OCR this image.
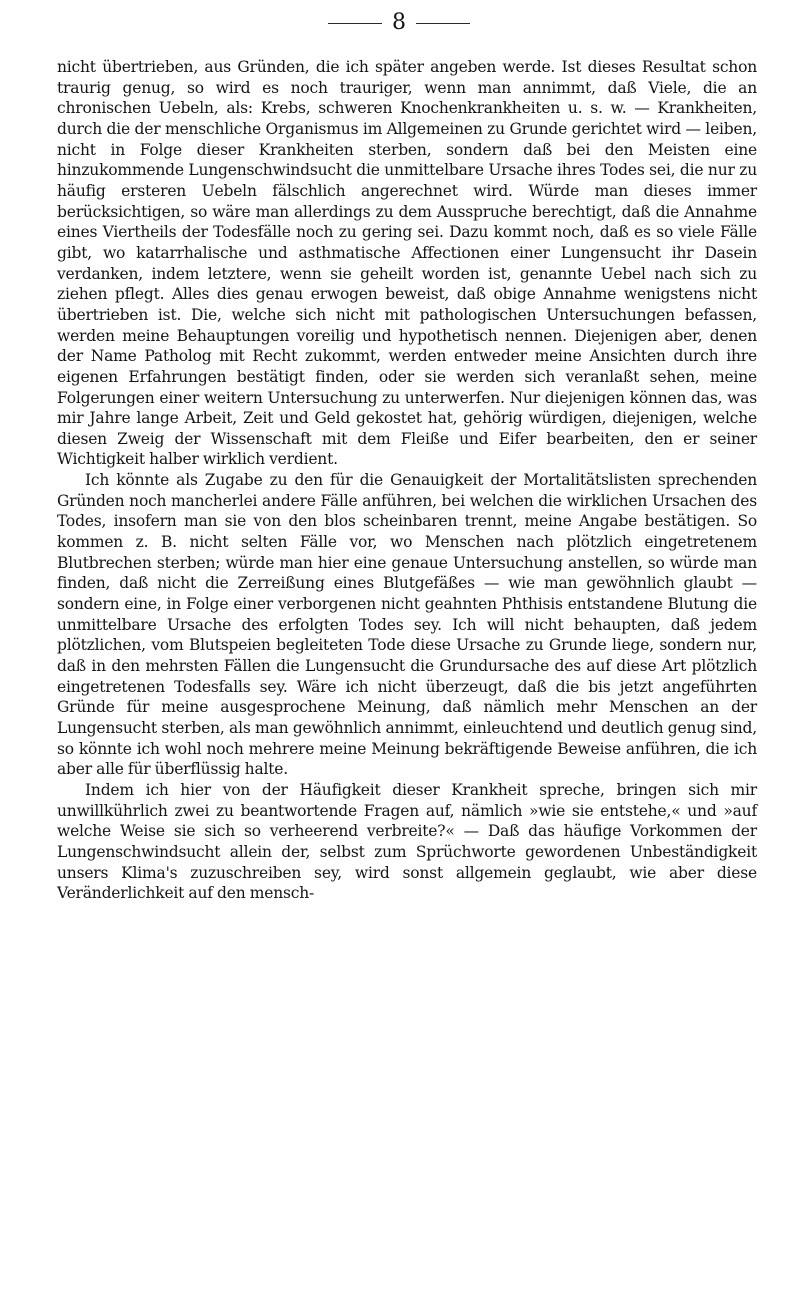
8

nicht übertrieben, aus Gründen, die ich später angeben werde. Ist dieses Resultat schon traurig genug, so wird es noch trauriger, wenn man annimmt, daß Viele, die an chronischen Uebeln, als: Krebs, schweren Knochenkrankheiten u. s. w. — Krankheiten, durch die der menschliche Organismus im Allgemeinen zu Grunde gerichtet wird — leiben, nicht in Folge dieser Krankheiten sterben, sondern daß bei den Meisten eine hinzukommende Lungenschwindsucht die unmittelbare Ursache ihres Todes sei, die nur zu häufig ersteren Uebeln fälschlich angerechnet wird. Würde man dieses immer berücksichtigen, so wäre man allerdings zu dem Ausspruche berechtigt, daß die Annahme eines Viertheils der Todesfälle noch zu gering sei. Dazu kommt noch, daß es so viele Fälle gibt, wo katarrhalische und asthmatische Affectionen einer Lungensucht ihr Dasein verdanken, indem letztere, wenn sie geheilt worden ist, genannte Uebel nach sich zu ziehen pflegt. Alles dies genau erwogen beweist, daß obige Annahme wenigstens nicht übertrieben ist. Die, welche sich nicht mit pathologischen Untersuchungen befassen, werden meine Behauptungen voreilig und hypothetisch nennen. Diejenigen aber, denen der Name Patholog mit Recht zukommt, werden entweder meine Ansichten durch ihre eigenen Erfahrungen bestätigt finden, oder sie werden sich veranlaßt sehen, meine Folgerungen einer weitern Untersuchung zu unterwerfen. Nur diejenigen können das, was mir Jahre lange Arbeit, Zeit und Geld gekostet hat, gehörig würdigen, diejenigen, welche diesen Zweig der Wissenschaft mit dem Fleiße und Eifer bearbeiten, den er seiner Wichtigkeit halber wirklich verdient.

Ich könnte als Zugabe zu den für die Genauigkeit der Mortalitätslisten sprechenden Gründen noch mancherlei andere Fälle anführen, bei welchen die wirklichen Ursachen des Todes, insofern man sie von den blos scheinbaren trennt, meine Angabe bestätigen. So kommen z. B. nicht selten Fälle vor, wo Menschen nach plötzlich eingetretenem Blutbrechen sterben; würde man hier eine genaue Untersuchung anstellen, so würde man finden, daß nicht die Zerreißung eines Blutgefäßes — wie man gewöhnlich glaubt — sondern eine, in Folge einer verborgenen nicht geahnten Phthisis entstandene Blutung die unmittelbare Ursache des erfolgten Todes sey. Ich will nicht behaupten, daß jedem plötzlichen, vom Blutspeien begleiteten Tode diese Ursache zu Grunde liege, sondern nur, daß in den mehrsten Fällen die Lungensucht die Grundursache des auf diese Art plötzlich eingetretenen Todesfalls sey. Wäre ich nicht überzeugt, daß die bis jetzt angeführten Gründe für meine ausgesprochene Meinung, daß nämlich mehr Menschen an der Lungensucht sterben, als man gewöhnlich annimmt, einleuchtend und deutlich genug sind, so könnte ich wohl noch mehrere meine Meinung bekräftigende Beweise anführen, die ich aber alle für überflüssig halte.

Indem ich hier von der Häufigkeit dieser Krankheit spreche, bringen sich mir unwillkührlich zwei zu beantwortende Fragen auf, nämlich »wie sie entstehe,« und »auf welche Weise sie sich so verheerend verbreite?« — Daß das häufige Vorkommen der Lungenschwindsucht allein der, selbst zum Sprüchworte gewordenen Unbeständigkeit unsers Klima's zuzuschreiben sey, wird sonst allgemein geglaubt, wie aber diese Veränderlichkeit auf den mensch-
